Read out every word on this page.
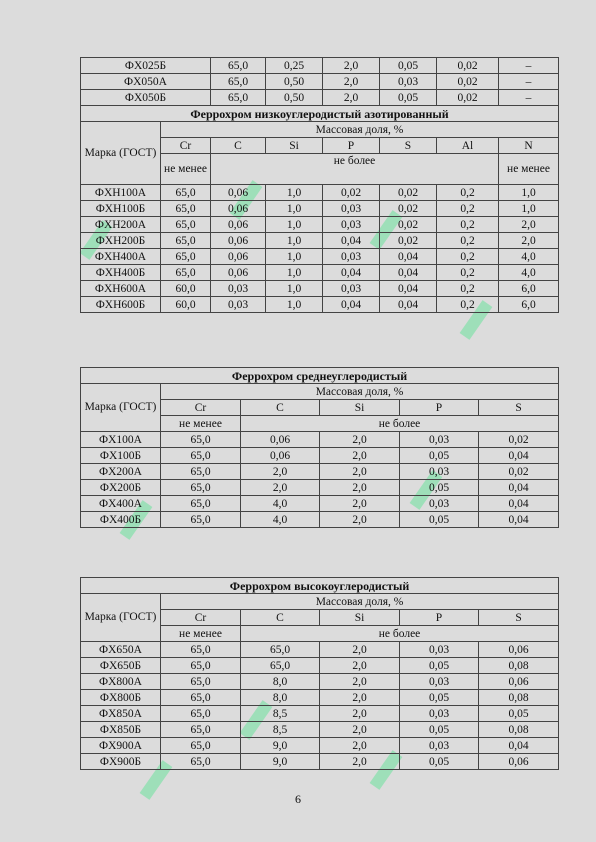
ФХ025Б		65,0	0,25	2,0	0,05	0,02	–
ФХ050А		65,0	0,50	2,0	0,03	0,02	–
ФХ050Б		65,0	0,50	2,0	0,05	0,02	–
Феррохром низкоуглеродистый азотированный							
Марка (ГОСТ)	Массовая доля, %						
	Cr	C	Si	P	S	Al	N
	не менее	не более					не менее
ФХН100А	65,0	0,06	1,0	0,02	0,02	0,2	1,0
ФХН100Б	65,0	0,06	1,0	0,03	0,02	0,2	1,0
ФХН200А	65,0	0,06	1,0	0,03	0,02	0,2	2,0
ФХН200Б	65,0	0,06	1,0	0,04	0,02	0,2	2,0
ФХН400А	65,0	0,06	1,0	0,03	0,04	0,2	4,0
ФХН400Б	65,0	0,06	1,0	0,04	0,04	0,2	4,0
ФХН600А	60,0	0,03	1,0	0,03	0,04	0,2	6,0
ФХН600Б	60,0	0,03	1,0	0,04	0,04	0,2	6,0
Феррохром среднеуглеродистый					
Марка (ГОСТ)	Массовая доля, %				
	Cr	C	Si	P	S
	не менее	не более			
ФХ100А	65,0	0,06	2,0	0,03	0,02
ФХ100Б	65,0	0,06	2,0	0,05	0,04
ФХ200А	65,0	2,0	2,0	0,03	0,02
ФХ200Б	65,0	2,0	2,0	0,05	0,04
ФХ400А	65,0	4,0	2,0	0,03	0,04
ФХ400Б	65,0	4,0	2,0	0,05	0,04
Феррохром высокоуглеродистый					
Марка (ГОСТ)	Массовая доля, %				
	Cr	C	Si	P	S
	не менее	не более			
ФХ650А	65,0	65,0	2,0	0,03	0,06
ФХ650Б	65,0	65,0	2,0	0,05	0,08
ФХ800А	65,0	8,0	2,0	0,03	0,06
ФХ800Б	65,0	8,0	2,0	0,05	0,08
ФХ850А	65,0	8,5	2,0	0,03	0,05
ФХ850Б	65,0	8,5	2,0	0,05	0,08
ФХ900А	65,0	9,0	2,0	0,03	0,04
ФХ900Б	65,0	9,0	2,0	0,05	0,06
6
